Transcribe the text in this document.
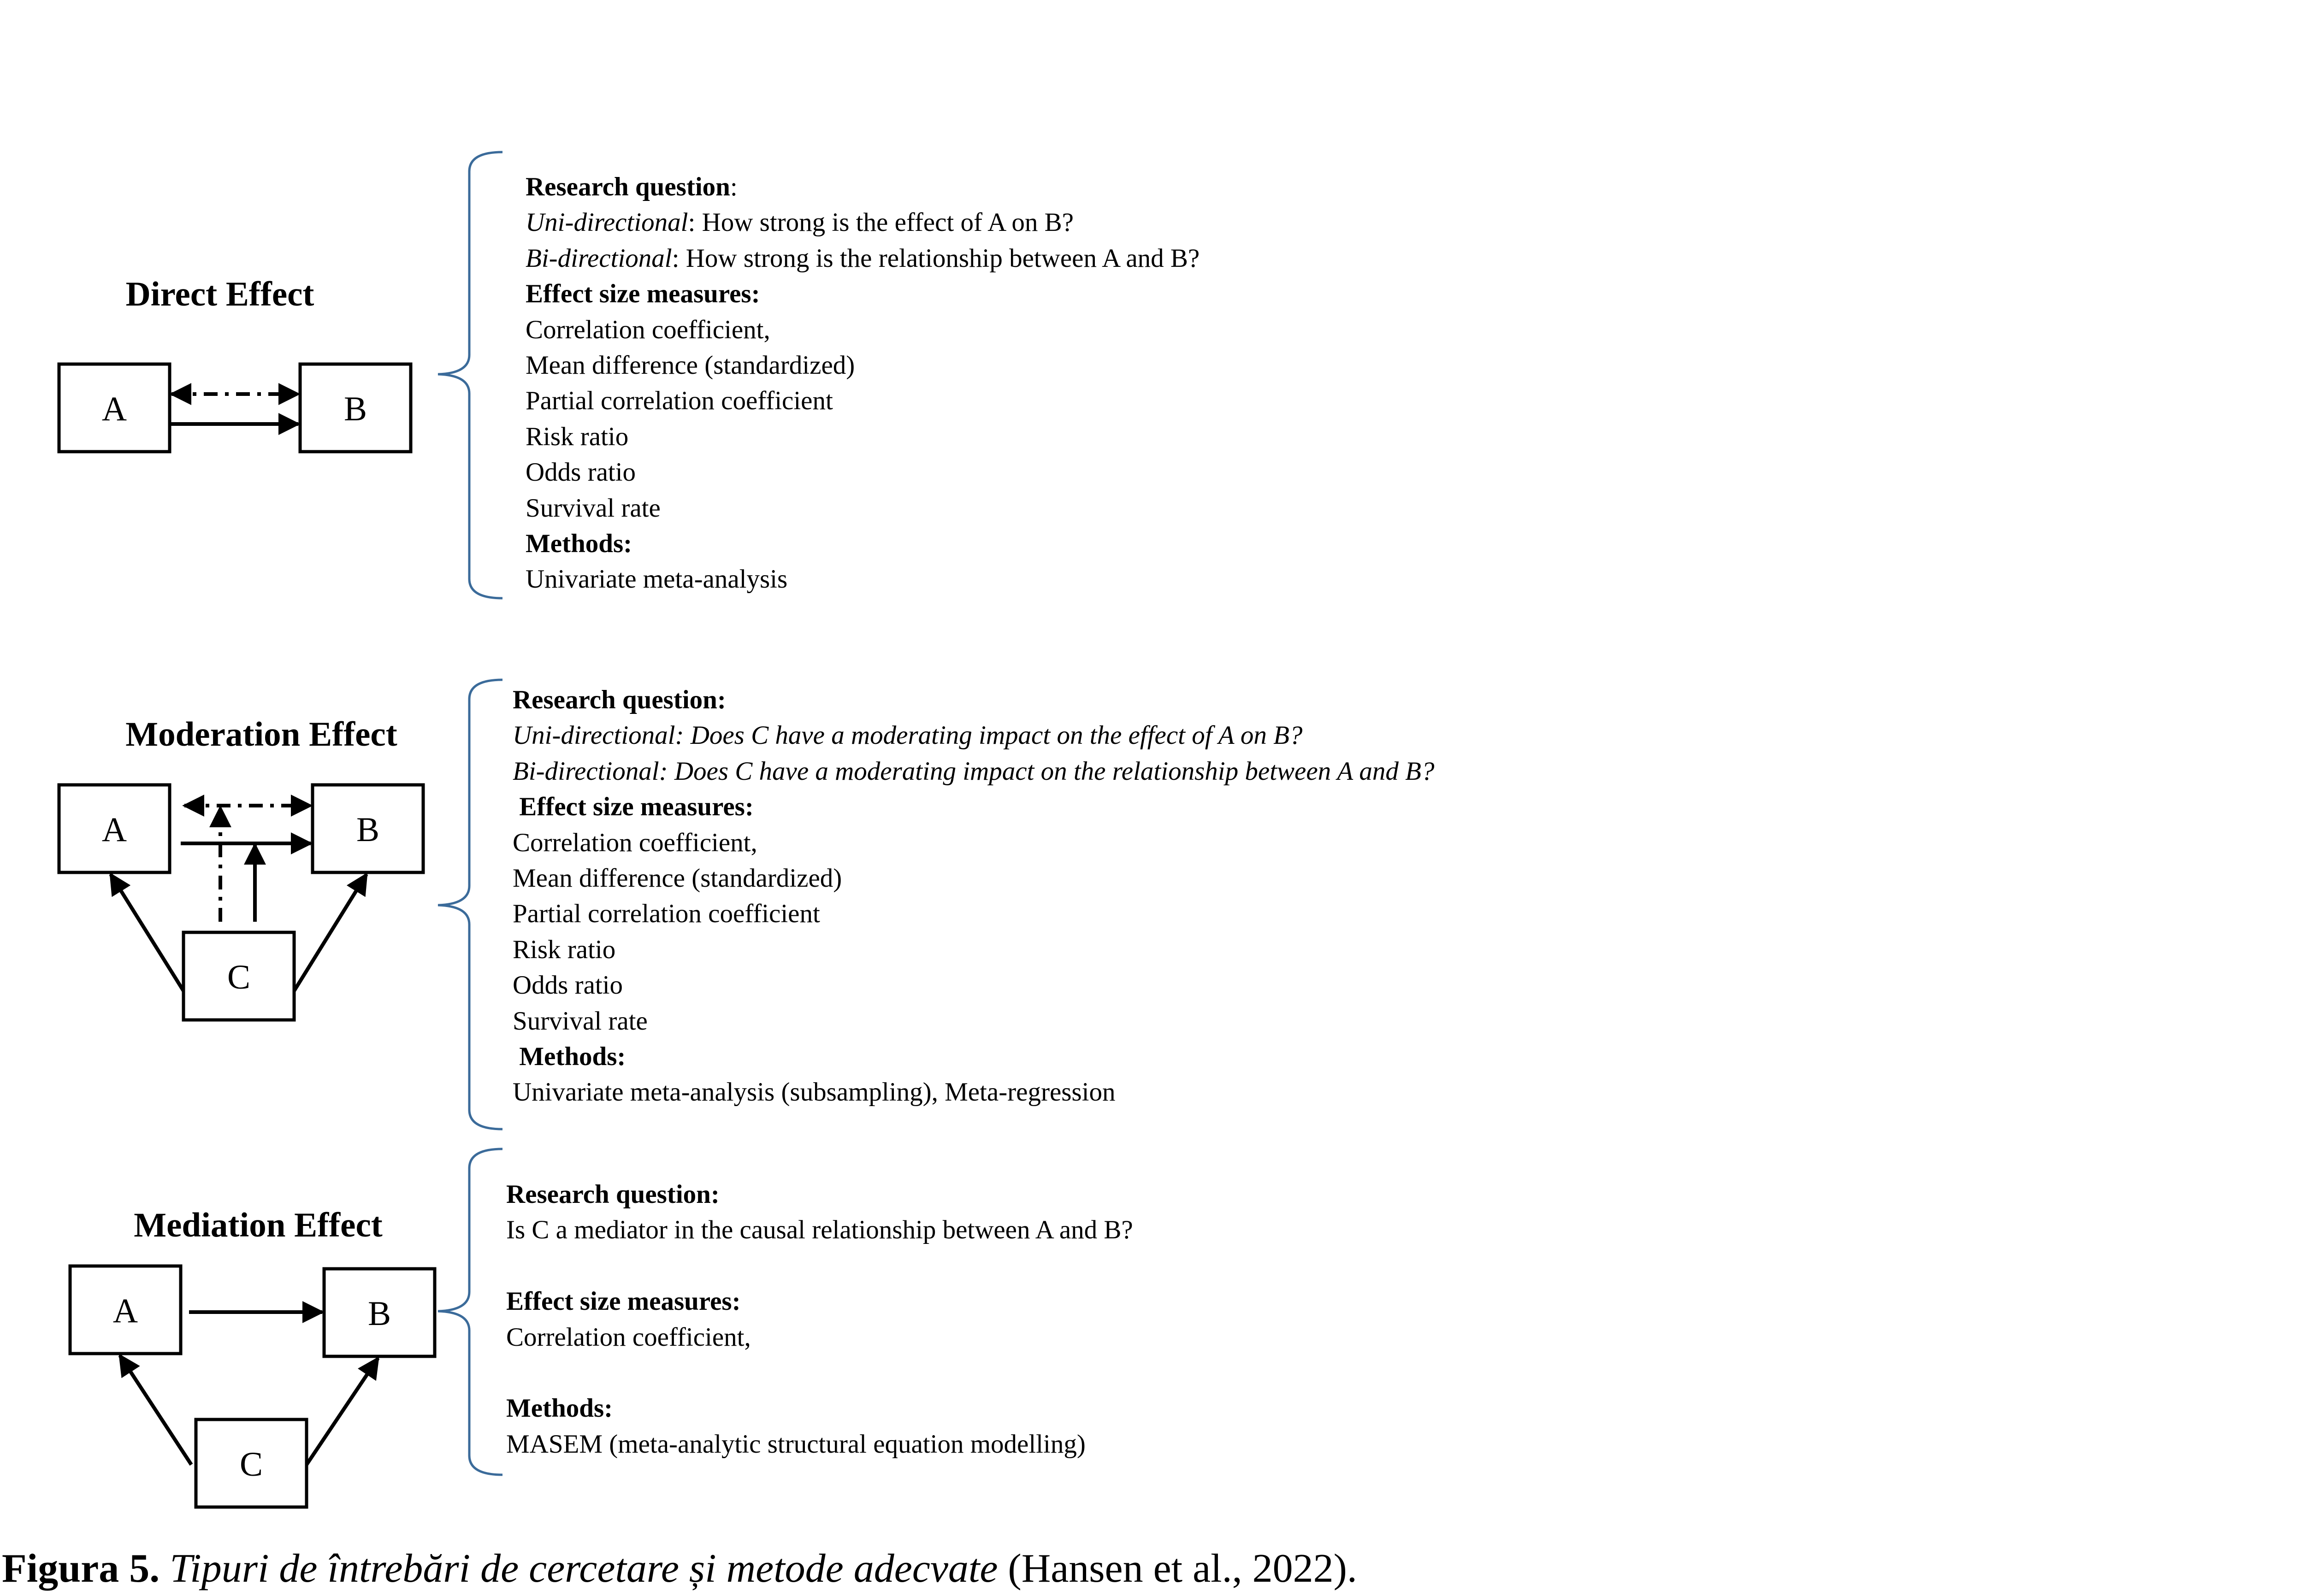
Direct Effect
A	B
Moderation Effect
A	B
C
Mediation Effect
A	B
C
Research question:
Uni-directional: How strong is the effect of A on B?
Bi-directional: How strong is the relationship between A and B?
Effect size measures:
Correlation coefficient,
Mean difference (standardized)
Partial correlation coefficient
Risk ratio
Odds ratio
Survival rate
Methods:
Univariate meta-analysis
Research question:
Uni-directional: Does C have a moderating impact on the effect of A on B?
Bi-directional: Does C have a moderating impact on the relationship between A and B?
Effect size measures:
Correlation coefficient,
Mean difference (standardized)
Partial correlation coefficient
Risk ratio
Odds ratio
Survival rate
Methods:
Univariate meta-analysis (subsampling), Meta-regression
Research question:
Is C a mediator in the causal relationship between A and B?
Effect size measures:
Correlation coefficient,
Methods:
MASEM (meta-analytic structural equation modelling)
Figura 5. Tipuri de întrebări de cercetare și metode adecvate (Hansen et al., 2022).
